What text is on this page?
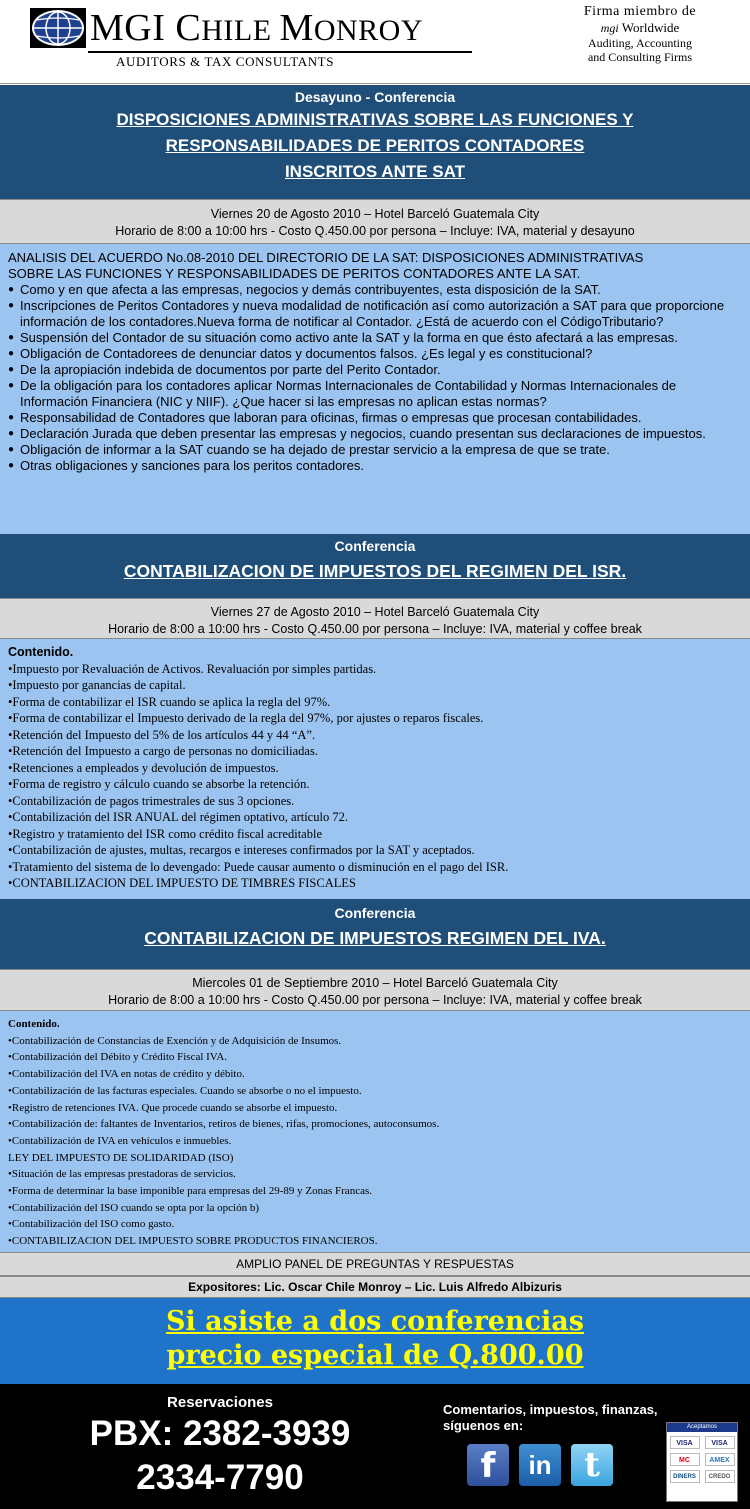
MGI CHILE MONROY
AUDITORS & TAX CONSULTANTS
Firma miembro de
mgi Worldwide
Auditing, Accounting
and Consulting Firms
Desayuno - Conferencia
DISPOSICIONES ADMINISTRATIVAS SOBRE LAS FUNCIONES Y
RESPONSABILIDADES DE PERITOS CONTADORES
INSCRITOS ANTE SAT
Viernes 20 de Agosto 2010 – Hotel Barceló Guatemala City
Horario de 8:00 a 10:00 hrs - Costo Q.450.00 por persona – Incluye: IVA, material y desayuno
ANALISIS DEL ACUERDO No.08-2010 DEL DIRECTORIO DE LA SAT: DISPOSICIONES ADMINISTRATIVAS
SOBRE LAS FUNCIONES Y RESPONSABILIDADES DE PERITOS CONTADORES ANTE LA SAT.
● Como y en que afecta a las empresas, negocios y demás contribuyentes, esta disposición de la SAT.
● Inscripciones de Peritos Contadores y nueva modalidad de notificación así como autorización a SAT para que proporcione información de los contadores.Nueva forma de notificar al Contador. ¿Está de acuerdo con el CódigoTributario?
● Suspensión del Contador de su situación como activo ante la SAT y la forma en que ésto afectará a las empresas.
● Obligación de Contadorees de denunciar datos y documentos falsos. ¿Es legal y es constitucional?
● De la apropiación indebida de documentos por parte del Perito Contador.
● De la obligación para los contadores aplicar Normas Internacionales de Contabilidad y Normas Internacionales de Información Financiera (NIC y NIIF). ¿Que hacer si las empresas no aplican estas normas?
● Responsabilidad de Contadores que laboran para oficinas, firmas o empresas que procesan contabilidades.
● Declaración Jurada que deben presentar las empresas y negocios, cuando presentan sus declaraciones de impuestos.
● Obligación de informar a la SAT cuando se ha dejado de prestar servicio a la empresa de que se trate.
● Otras obligaciones y sanciones para los peritos contadores.
Conferencia
CONTABILIZACION DE IMPUESTOS DEL REGIMEN DEL ISR.
Viernes 27 de Agosto 2010 – Hotel Barceló Guatemala City
Horario de 8:00 a 10:00 hrs - Costo Q.450.00 por persona – Incluye: IVA, material y coffee break
Contenido.
•Impuesto por Revaluación de Activos. Revaluación por simples partidas.
•Impuesto por ganancias de capital.
•Forma de contabilizar el ISR cuando se aplica la regla del 97%.
•Forma de contabilizar el Impuesto derivado de la regla del 97%, por ajustes o reparos fiscales.
•Retención del Impuesto del 5% de los artículos 44 y 44 “A”.
•Retención del Impuesto a cargo de personas no domiciliadas.
•Retenciones a empleados y devolución de impuestos.
•Forma de registro y cálculo cuando se absorbe la retención.
•Contabilización de pagos trimestrales de sus 3 opciones.
•Contabilización del ISR ANUAL del régimen optativo, artículo 72.
•Registro y tratamiento del ISR como crédito fiscal acreditable
•Contabilización de ajustes, multas, recargos e intereses confirmados por la SAT y aceptados.
•Tratamiento del sistema de lo devengado: Puede causar aumento o disminución en el pago del ISR.
•CONTABILIZACION DEL IMPUESTO DE TIMBRES FISCALES
Conferencia
CONTABILIZACION DE IMPUESTOS REGIMEN DEL IVA.
Miercoles 01 de Septiembre 2010 – Hotel Barceló Guatemala City
Horario de 8:00 a 10:00 hrs - Costo Q.450.00 por persona – Incluye: IVA, material y coffee break
Contenido.
•Contabilización de Constancias de Exención y de Adquisición de Insumos.
•Contabilización del Débito y Crédito Fiscal IVA.
•Contabilización del IVA en notas de crédito y débito.
•Contabilización de las facturas especiales. Cuando se absorbe o no el impuesto.
•Registro de retenciones IVA. Que procede cuando se absorbe el impuesto.
•Contabilización de: faltantes de Inventarios, retiros de bienes, rifas, promociones, autoconsumos.
•Contabilización de IVA en vehículos e inmuebles.
LEY DEL IMPUESTO DE SOLIDARIDAD (ISO)
•Situación de las empresas prestadoras de servicios.
•Forma de determinar la base imponible para empresas del 29-89 y Zonas Francas.
•Contabilización del ISO cuando se opta por la opción b)
•Contabilización del ISO como gasto.
•CONTABILIZACION DEL IMPUESTO SOBRE PRODUCTOS FINANCIEROS.
AMPLIO PANEL DE PREGUNTAS Y RESPUESTAS
Expositores: Lic. Oscar Chile Monroy – Lic. Luis Alfredo Albizuris
Si asiste a dos conferencias
precio especial de Q.800.00
Reservaciones
PBX: 2382-3939
2334-7790
Comentarios, impuestos, finanzas, síguenos en:
f	in t
Aceptamos
VISA	VISA
MC	AMEX
DINERS	CREDO
